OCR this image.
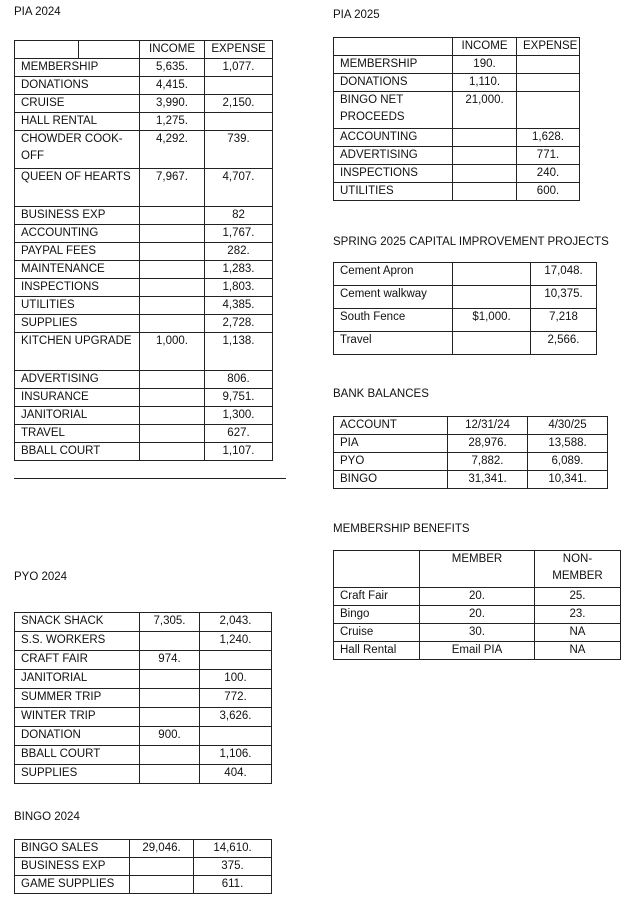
PIA 2024
		INCOME	EXPENSE
MEMBERSHIP		5,635.	1,077.
DONATIONS		4,415.	
CRUISE		3,990.	2,150.
HALL RENTAL		1,275.	
CHOWDER COOK-OFF		4,292.	739.
QUEEN OF HEARTS		7,967.	4,707.
BUSINESS EXP			82
ACCOUNTING			1,767.
PAYPAL FEES			282.
MAINTENANCE			1,283.
INSPECTIONS			1,803.
UTILITIES			4,385.
SUPPLIES			2,728.
KITCHEN UPGRADE		1,000.	1,138.
ADVERTISING			806.
INSURANCE			9,751.
JANITORIAL			1,300.
TRAVEL			627.
BBALL COURT			1,107.
PIA 2025
	INCOME	EXPENSE
MEMBERSHIP	190.	
DONATIONS	1,110.	
BINGO NET PROCEEDS	21,000.	
ACCOUNTING		1,628.
ADVERTISING		771.
INSPECTIONS		240.
UTILITIES		600.
SPRING 2025 CAPITAL IMPROVEMENT PROJECTS
Cement Apron		17,048.
Cement walkway		10,375.
South Fence	$1,000.	7,218
Travel		2,566.
BANK BALANCES
ACCOUNT	12/31/24	4/30/25
PIA	28,976.	13,588.
PYO	7,882.	6,089.
BINGO	31,341.	10,341.
MEMBERSHIP BENEFITS
	MEMBER	NON-MEMBER
Craft Fair	20.	25.
Bingo	20.	23.
Cruise	30.	NA
Hall Rental	Email PIA	NA
PYO 2024
SNACK SHACK	7,305.	2,043.
S.S. WORKERS		1,240.
CRAFT FAIR	974.	
JANITORIAL		100.
SUMMER TRIP		772.
WINTER TRIP		3,626.
DONATION	900.	
BBALL COURT		1,106.
SUPPLIES		404.
BINGO 2024
BINGO SALES	29,046.	14,610.
BUSINESS EXP		375.
GAME SUPPLIES		611.
